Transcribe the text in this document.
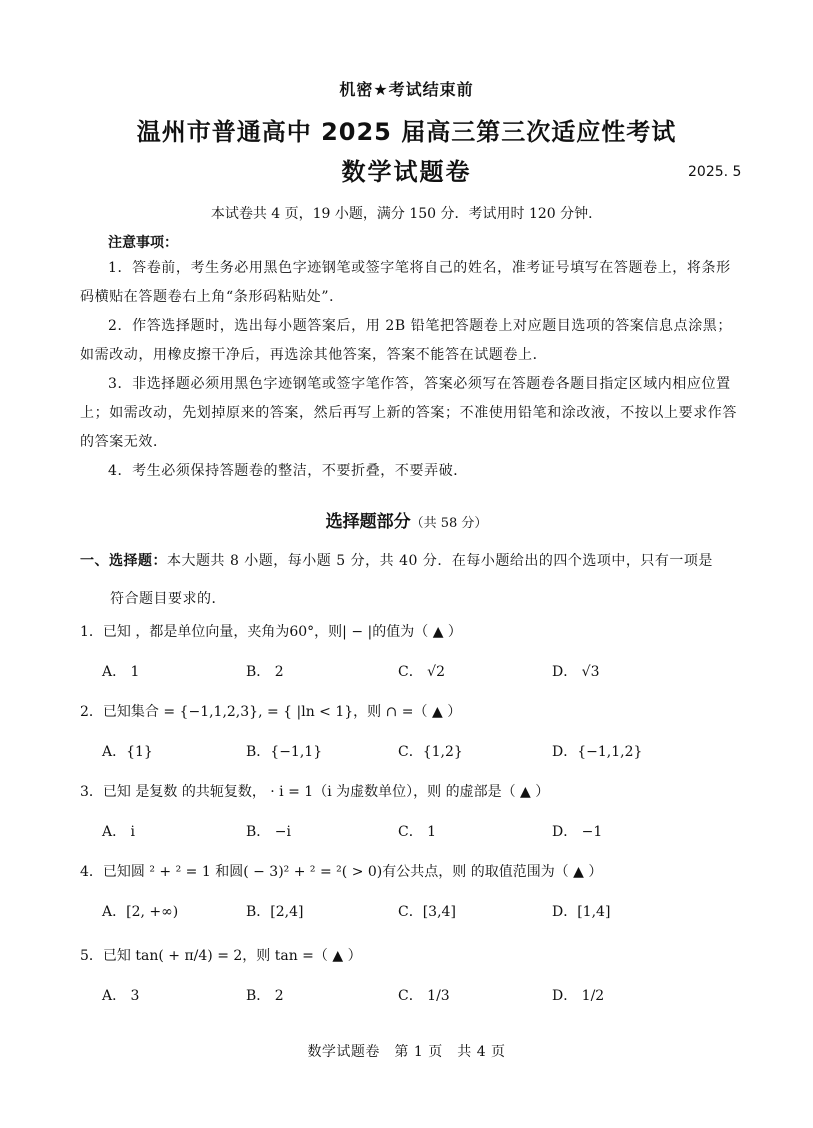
机密★考试结束前
温州市普通高中 2025 届高三第三次适应性考试
数学试题卷	2025. 5
本试卷共 4 页，19 小题，满分 150 分．考试用时 120 分钟．
注意事项：

1．答卷前，考生务必用黑色字迹钢笔或签字笔将自己的姓名，准考证号填写在答题卷上，将条形码横贴在答题卷右上角“条形码粘贴处”．

2．作答选择题时，选出每小题答案后，用 2B 铅笔把答题卷上对应题目选项的答案信息点涂黑；如需改动，用橡皮擦干净后，再选涂其他答案，答案不能答在试题卷上．

3．非选择题必须用黑色字迹钢笔或签字笔作答，答案必须写在答题卷各题目指定区域内相应位置上；如需改动，先划掉原来的答案，然后再写上新的答案；不准使用铅笔和涂改液，不按以上要求作答的答案无效．

4．考生必须保持答题卷的整洁，不要折叠，不要弄破．

选择题部分（共 58 分）
一、选择题：本大题共 8 小题，每小题 5 分，共 40 分．在每小题给出的四个选项中，只有一项是
符合题目要求的．
1．已知 ，都是单位向量，夹角为60°，则| − |的值为（ ▲ ）
A． 1	B． 2	C． √2	D． √3
2．已知集合 = {−1,1,2,3}, = { |ln < 1}，则 ∩ =（ ▲ ）
A．{1}	B．{−1,1}	C．{1,2}	D．{−1,1,2}
3．已知 是复数 的共轭复数， · i = 1（i 为虚数单位），则 的虚部是（ ▲ ）
A． i	B． −i	C． 1	D． −1
4．已知圆 ² + ² = 1 和圆( − 3)² + ² = ²( > 0)有公共点，则 的取值范围为（ ▲ ）
A．[2, +∞)	B．[2,4]	C．[3,4]	D．[1,4]
5．已知 tan( + π/4) = 2，则 tan =（ ▲ ）
A． 3	B． 2	C． 1/3	D． 1/2
数学试题卷　第 1 页　共 4 页
